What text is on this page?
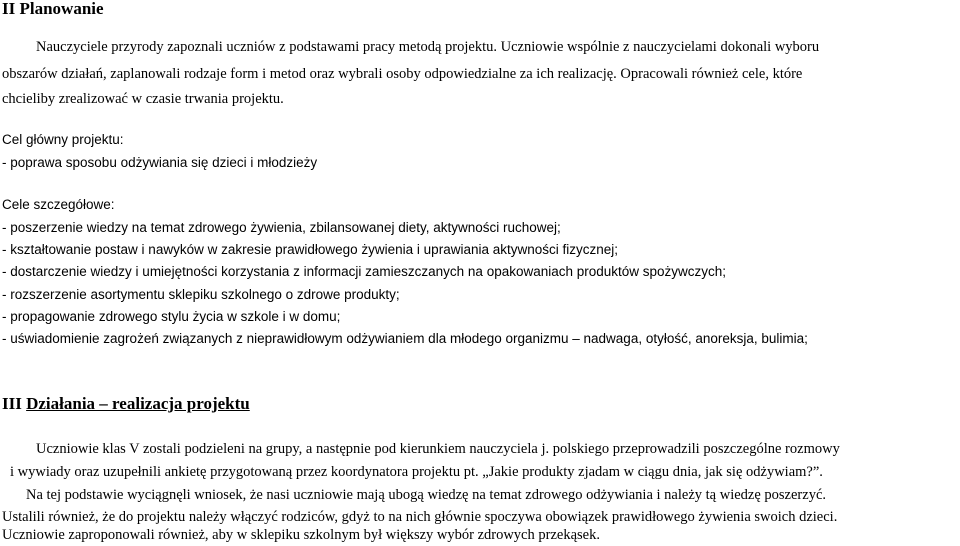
II Planowanie
Nauczyciele przyrody zapoznali uczniów z podstawami pracy metodą projektu. Uczniowie wspólnie z nauczycielami dokonali wyboru
obszarów działań, zaplanowali rodzaje form i metod oraz wybrali osoby odpowiedzialne za ich realizację. Opracowali również cele, które
chcieliby zrealizować w czasie trwania projektu.
Cel główny projektu:
- poprawa sposobu odżywiania się dzieci i młodzieży
Cele szczegółowe:
- poszerzenie wiedzy na temat zdrowego żywienia, zbilansowanej diety, aktywności ruchowej;
- kształtowanie postaw i nawyków w zakresie prawidłowego żywienia i uprawiania aktywności fizycznej;
- dostarczenie wiedzy i umiejętności korzystania z informacji zamieszczanych na opakowaniach produktów spożywczych;
- rozszerzenie asortymentu sklepiku szkolnego o zdrowe produkty;
- propagowanie zdrowego stylu życia w szkole i w domu;
- uświadomienie zagrożeń związanych z nieprawidłowym odżywianiem dla młodego organizmu – nadwaga, otyłość, anoreksja, bulimia;
III Działania – realizacja projektu
Uczniowie klas V zostali podzieleni na grupy, a następnie pod kierunkiem nauczyciela j. polskiego przeprowadzili poszczególne rozmowy
i wywiady oraz uzupełnili ankietę przygotowaną przez koordynatora projektu pt. „Jakie produkty zjadam w ciągu dnia, jak się odżywiam?”.
Na tej podstawie wyciągnęli wniosek, że nasi uczniowie mają ubogą wiedzę na temat zdrowego odżywiania i należy tą wiedzę poszerzyć.
Ustalili również, że do projektu należy włączyć rodziców, gdyż to na nich głównie spoczywa obowiązek prawidłowego żywienia swoich dzieci.
Uczniowie zaproponowali również, aby w sklepiku szkolnym był większy wybór zdrowych przekąsek.
